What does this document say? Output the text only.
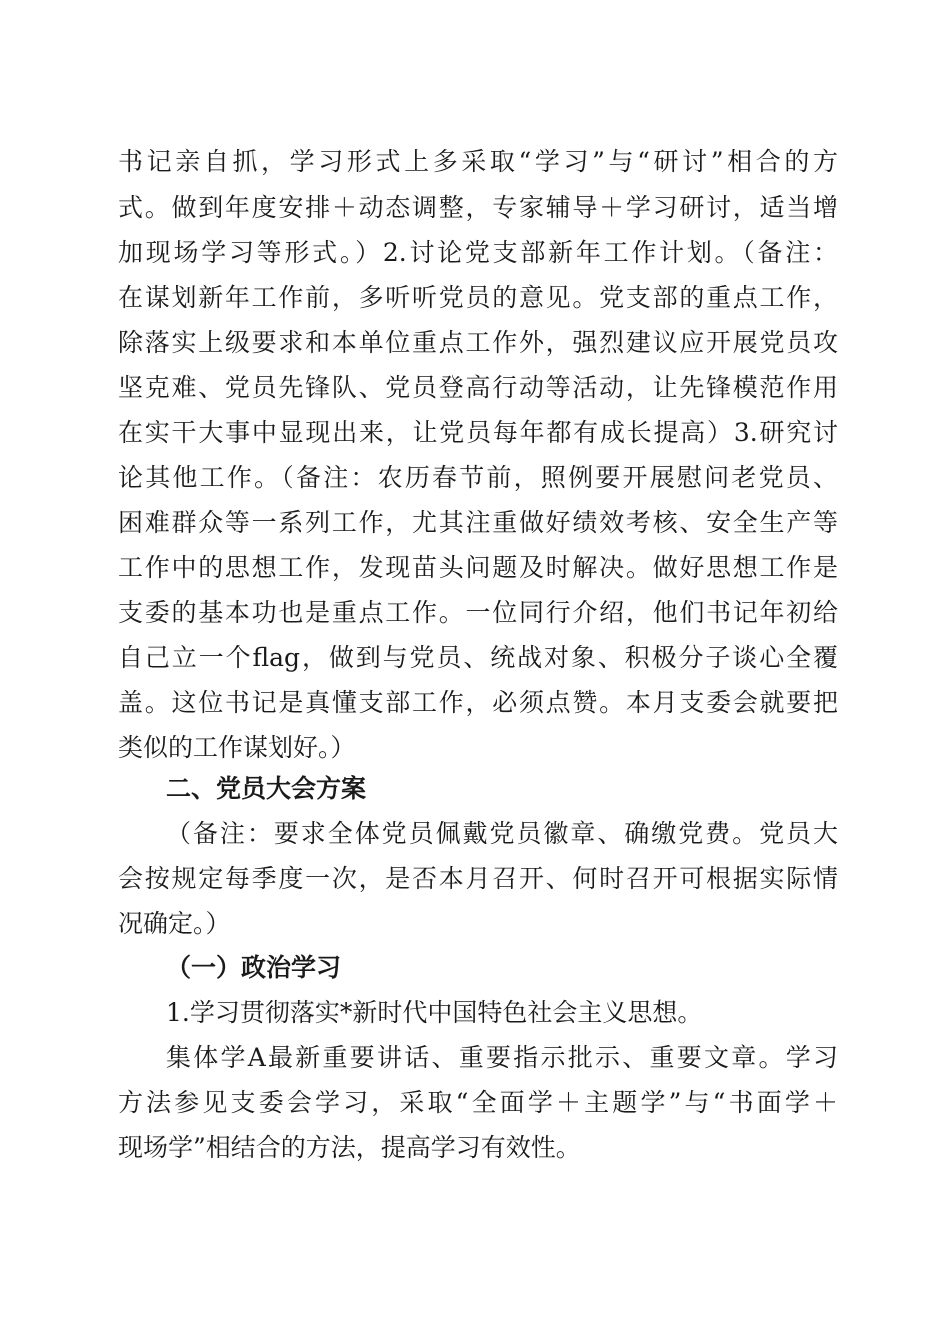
书记亲自抓，学习形式上多采取“学习”与“研讨”相合的方
式。做到年度安排＋动态调整，专家辅导＋学习研讨，适当增
加现场学习等形式。）2.讨论党支部新年工作计划。（备注：
在谋划新年工作前，多听听党员的意见。党支部的重点工作，
除落实上级要求和本单位重点工作外，强烈建议应开展党员攻
坚克难、党员先锋队、党员登高行动等活动，让先锋模范作用
在实干大事中显现出来，让党员每年都有成长提高）3.研究讨
论其他工作。（备注：农历春节前，照例要开展慰问老党员、
困难群众等一系列工作，尤其注重做好绩效考核、安全生产等
工作中的思想工作，发现苗头问题及时解决。做好思想工作是
支委的基本功也是重点工作。一位同行介绍，他们书记年初给
自己立一个flag，做到与党员、统战对象、积极分子谈心全覆
盖。这位书记是真懂支部工作，必须点赞。本月支委会就要把
类似的工作谋划好。）
二、党员大会方案
（备注：要求全体党员佩戴党员徽章、确缴党费。党员大
会按规定每季度一次，是否本月召开、何时召开可根据实际情
况确定。）
（一）政治学习
1.学习贯彻落实*新时代中国特色社会主义思想。
集体学A最新重要讲话、重要指示批示、重要文章。学习
方法参见支委会学习，采取“全面学＋主题学”与“书面学＋
现场学”相结合的方法，提高学习有效性。
